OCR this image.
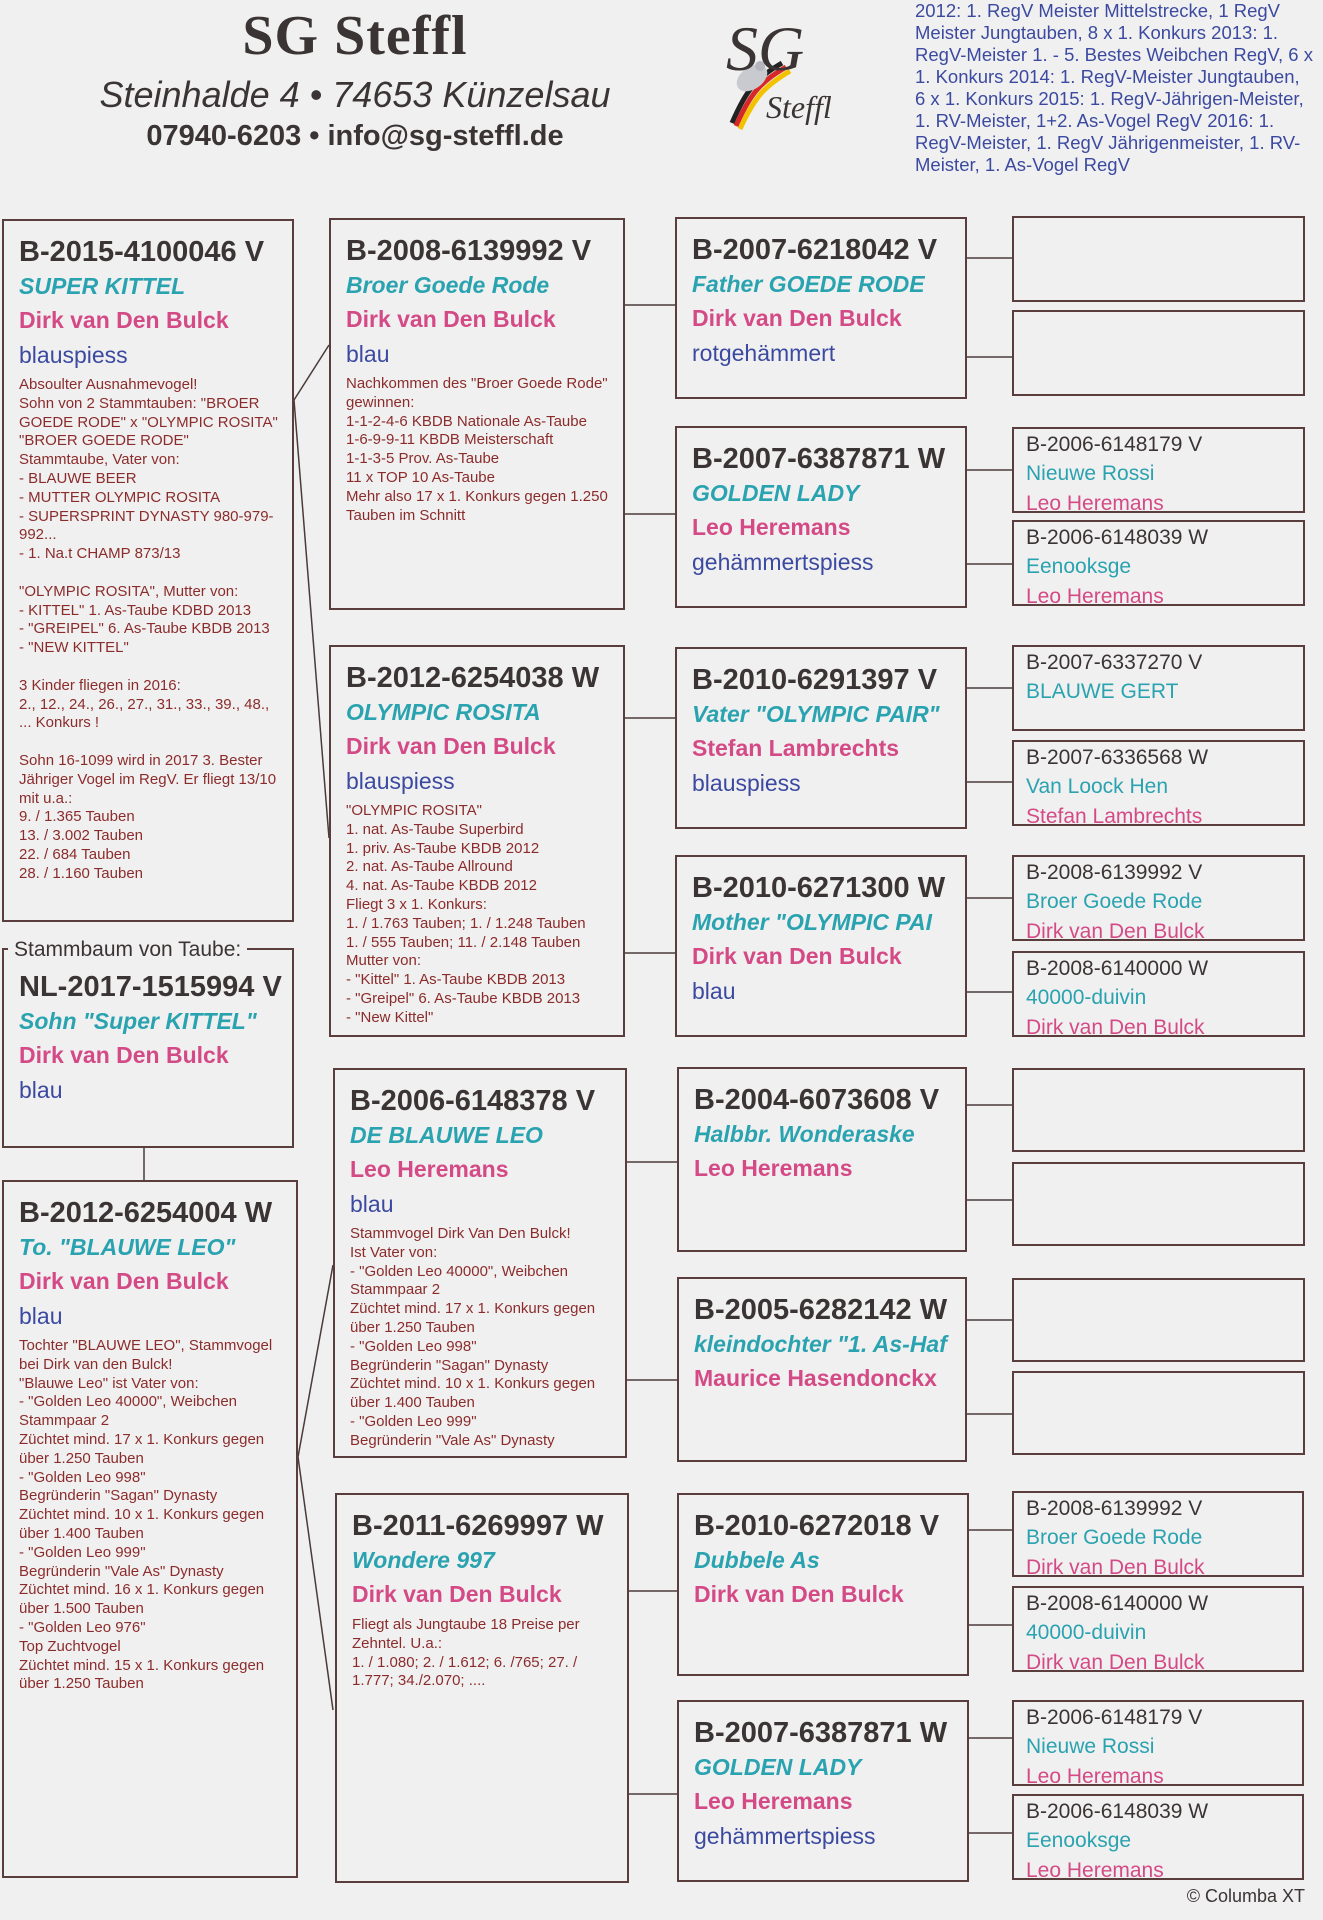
SG Steffl
Steinhalde 4 • 74653 Künzelsau
07940-6203 • info@sg-steffl.de
SG
Steffl
2012: 1. RegV Meister Mittelstrecke, 1 RegV Meister Jungtauben, 8 x 1. Konkurs 2013: 1. RegV-Meister 1. - 5. Bestes Weibchen RegV, 6 x 1. Konkurs 2014: 1. RegV-Meister Jungtauben, 6 x 1. Konkurs 2015: 1. RegV-Jährigen-Meister, 1. RV-Meister, 1+2. As-Vogel RegV 2016: 1. RegV-Meister, 1. RegV Jährigenmeister, 1. RV-Meister, 1. As-Vogel RegV
B-2015-4100046 V
SUPER KITTEL
Dirk van Den Bulck
blauspiess
Absoulter Ausnahmevogel!
Sohn von 2 Stammtauben: "BROER GOEDE RODE" x "OLYMPIC ROSITA"
"BROER GOEDE RODE" Stammtaube, Vater von:
- BLAUWE BEER
- MUTTER OLYMPIC ROSITA
- SUPERSPRINT DYNASTY 980-979-992...
- 1. Na.t CHAMP 873/13

"OLYMPIC ROSITA", Mutter von:
- KITTEL" 1. As-Taube KDBD 2013
- "GREIPEL" 6. As-Taube KBDB 2013
- "NEW KITTEL"

3 Kinder fliegen in 2016:
2., 12., 24., 26., 27., 31., 33., 39., 48., ... Konkurs !

Sohn 16-1099 wird in 2017 3. Bester Jähriger Vogel im RegV. Er fliegt 13/10 mit u.a.:
9. / 1.365 Tauben
13. / 3.002 Tauben
22. / 684 Tauben
28. / 1.160 Tauben
NL-2017-1515994 V
Sohn "Super KITTEL"
Dirk van Den Bulck
blau
Stammbaum von Taube:
B-2012-6254004 W
To. "BLAUWE LEO"
Dirk van Den Bulck
blau
Tochter "BLAUWE LEO", Stammvogel bei Dirk van den Bulck!
"Blauwe Leo" ist Vater von:
- "Golden Leo 40000", Weibchen Stammpaar 2
Züchtet mind. 17 x 1. Konkurs gegen über 1.250 Tauben
- "Golden Leo 998"
Begründerin "Sagan" Dynasty
Züchtet mind. 10 x 1. Konkurs gegen über 1.400 Tauben
- "Golden Leo 999"
Begründerin "Vale As" Dynasty
Züchtet mind. 16 x 1. Konkurs gegen über 1.500 Tauben
- "Golden Leo 976"
Top Zuchtvogel
Züchtet mind. 15 x 1. Konkurs gegen über 1.250 Tauben
B-2008-6139992 V
Broer Goede Rode
Dirk van Den Bulck
blau
Nachkommen des "Broer Goede Rode" gewinnen:
1-1-2-4-6 KBDB Nationale As-Taube
1-6-9-9-11 KBDB Meisterschaft
1-1-3-5 Prov. As-Taube
11 x TOP 10 As-Taube
Mehr also 17 x 1. Konkurs gegen 1.250 Tauben im Schnitt
B-2012-6254038 W
OLYMPIC ROSITA
Dirk van Den Bulck
blauspiess
"OLYMPIC ROSITA"
1. nat. As-Taube Superbird
1. priv. As-Taube KBDB 2012
2. nat. As-Taube Allround
4. nat. As-Taube KBDB 2012
Fliegt 3 x 1. Konkurs:
1. / 1.763 Tauben; 1. / 1.248 Tauben
1. / 555 Tauben; 11. / 2.148 Tauben
Mutter von:
- "Kittel" 1. As-Taube KBDB 2013
- "Greipel" 6. As-Taube KBDB 2013
- "New Kittel"
B-2006-6148378 V
DE BLAUWE LEO
Leo Heremans
blau
Stammvogel Dirk Van Den Bulck!
Ist Vater von:
- "Golden Leo 40000", Weibchen Stammpaar 2
Züchtet mind. 17 x 1. Konkurs gegen über 1.250 Tauben
- "Golden Leo 998"
Begründerin "Sagan" Dynasty
Züchtet mind. 10 x 1. Konkurs gegen über 1.400 Tauben
- "Golden Leo 999"
Begründerin "Vale As" Dynasty
B-2011-6269997 W
Wondere 997
Dirk van Den Bulck
Fliegt als Jungtaube 18 Preise per Zehntel. U.a.:
1. / 1.080; 2. / 1.612; 6. /765; 27. / 1.777; 34./2.070; ....
B-2007-6218042 V
Father GOEDE RODE
Dirk van Den Bulck
rotgehämmert
B-2007-6387871 W
GOLDEN LADY
Leo Heremans
gehämmertspiess
B-2010-6291397 V
Vater "OLYMPIC PAIR"
Stefan Lambrechts
blauspiess
B-2010-6271300 W
Mother "OLYMPIC PAI
Dirk van Den Bulck
blau
B-2004-6073608 V
Halbbr. Wonderaske
Leo Heremans
B-2005-6282142 W
kleindochter "1. As-Haf
Maurice Hasendonckx
B-2010-6272018 V
Dubbele As
Dirk van Den Bulck
B-2007-6387871 W
GOLDEN LADY
Leo Heremans
gehämmertspiess
B-2006-6148179 V
Nieuwe Rossi
Leo Heremans
B-2006-6148039 W
Eenooksge
Leo Heremans
B-2007-6337270 V
BLAUWE GERT
B-2007-6336568 W
Van Loock Hen
Stefan Lambrechts
B-2008-6139992 V
Broer Goede Rode
Dirk van Den Bulck
B-2008-6140000 W
40000-duivin
Dirk van Den Bulck
B-2008-6139992 V
Broer Goede Rode
Dirk van Den Bulck
B-2008-6140000 W
40000-duivin
Dirk van Den Bulck
B-2006-6148179 V
Nieuwe Rossi
Leo Heremans
B-2006-6148039 W
Eenooksge
Leo Heremans
© Columba XT
